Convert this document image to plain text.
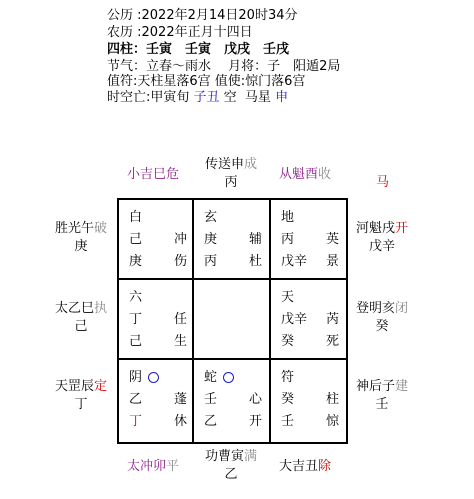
公历 :2022年2月14日20时34分
农历 :2022年正月十四日
四柱：壬寅　壬寅　戊戌　壬戌
节气：立春～雨水　 月将：子　阳遁2局
值符:天柱星落6宫 值使:惊门落6宫
时空亡:甲寅旬 子丑 空  马星 申
小吉巳危
传送申成
丙
从魁酉收
马
胜光午破
庚
太乙巳执
己
天罡辰定
丁
河魁戌开
戊辛
登明亥闭
癸
神后子建
壬
太冲卯平
功曹寅满
乙
大吉丑除
白
己 冲
庚 伤
玄
庚 辅
丙 杜
地
丙 英
戊辛 景
六
丁 任
己 生
天
戊辛 芮
癸 死
阴
乙 蓬
丁 休
蛇
壬 心
乙 开
符
癸 柱
壬 惊
